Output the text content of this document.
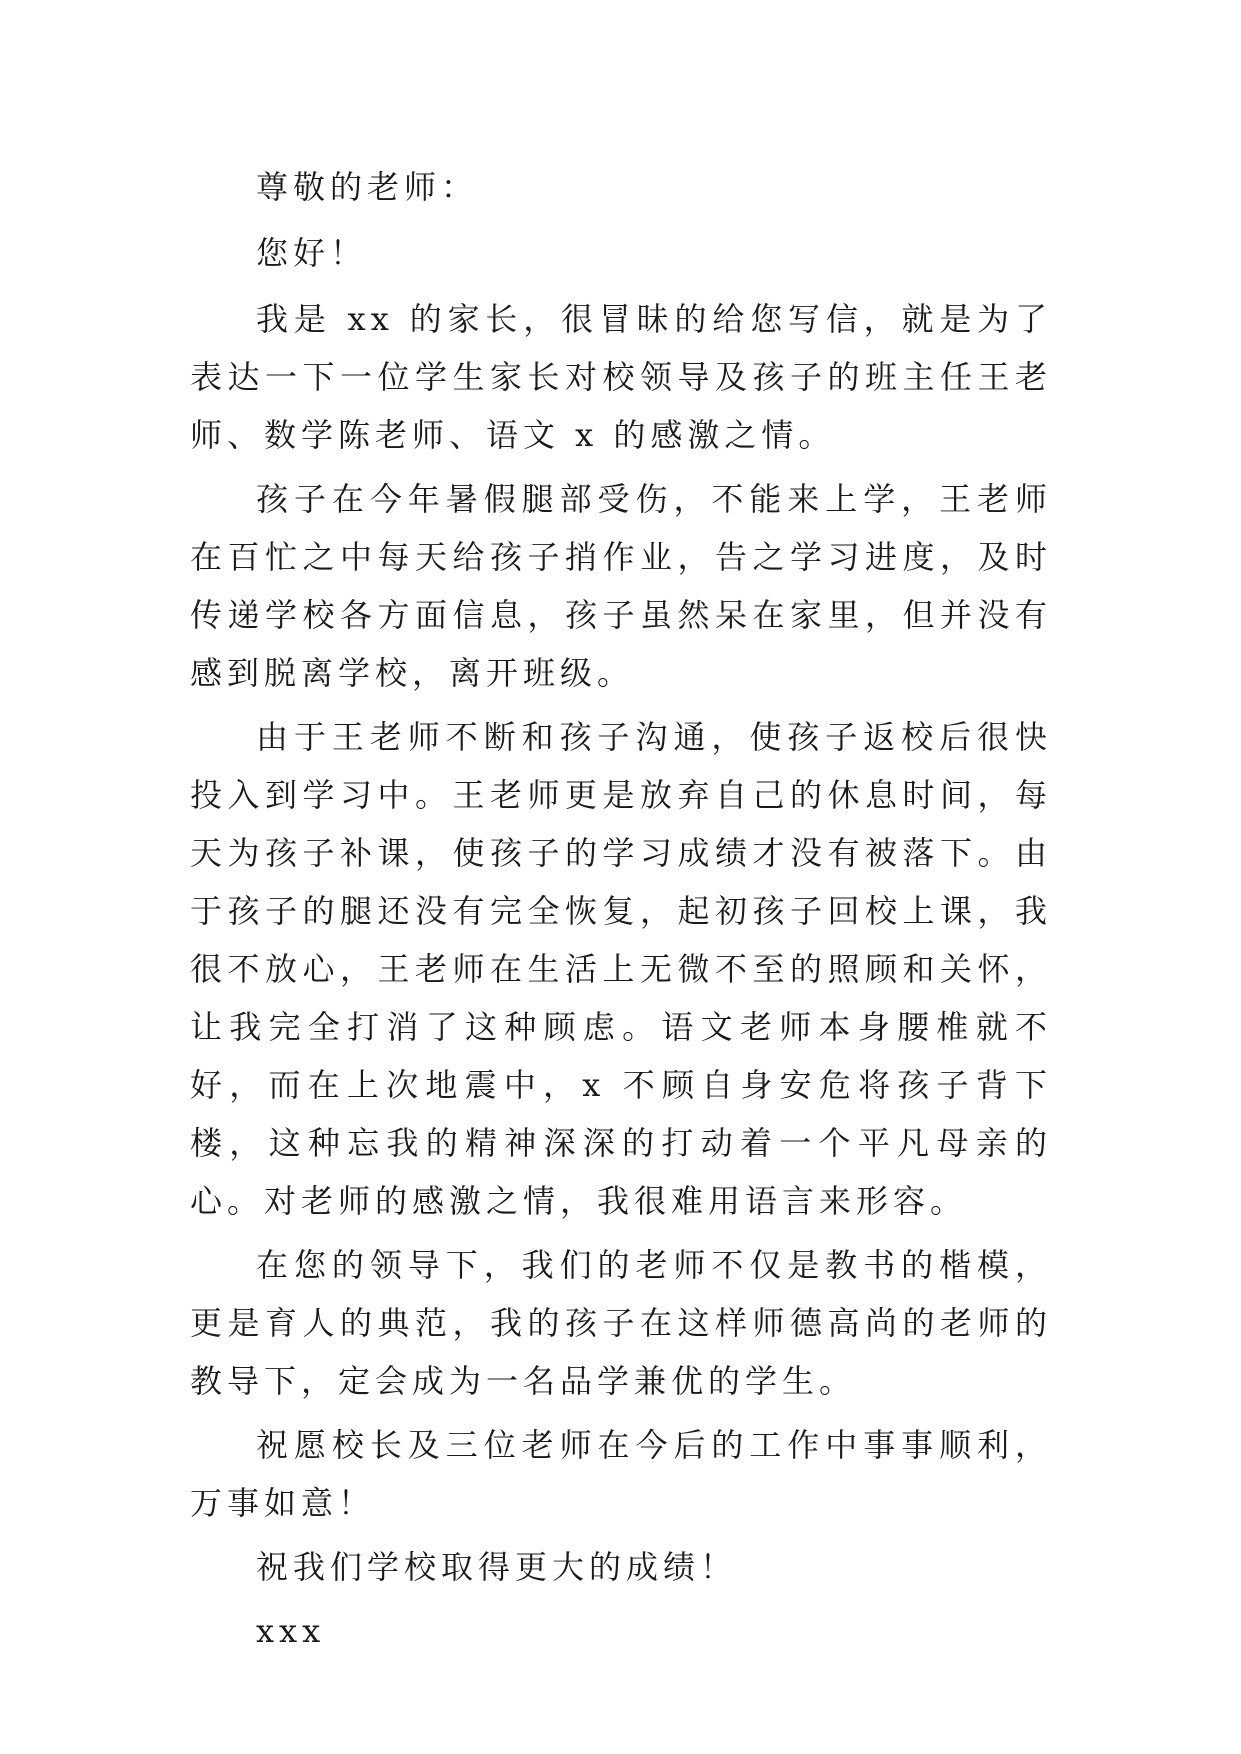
尊敬的老师：

您好！

我是 xx 的家长，很冒昧的给您写信，就是为了表达一下一位学生家长对校领导及孩子的班主任王老师、数学陈老师、语文 x 的感激之情。

孩子在今年暑假腿部受伤，不能来上学，王老师在百忙之中每天给孩子捎作业，告之学习进度，及时传递学校各方面信息，孩子虽然呆在家里，但并没有感到脱离学校，离开班级。

由于王老师不断和孩子沟通，使孩子返校后很快投入到学习中。王老师更是放弃自己的休息时间，每天为孩子补课，使孩子的学习成绩才没有被落下。由于孩子的腿还没有完全恢复，起初孩子回校上课，我很不放心，王老师在生活上无微不至的照顾和关怀，让我完全打消了这种顾虑。语文老师本身腰椎就不好，而在上次地震中，x 不顾自身安危将孩子背下楼，这种忘我的精神深深的打动着一个平凡母亲的心。对老师的感激之情，我很难用语言来形容。

在您的领导下，我们的老师不仅是教书的楷模，更是育人的典范，我的孩子在这样师德高尚的老师的教导下，定会成为一名品学兼优的学生。

祝愿校长及三位老师在今后的工作中事事顺利，万事如意！

祝我们学校取得更大的成绩！

xxx
